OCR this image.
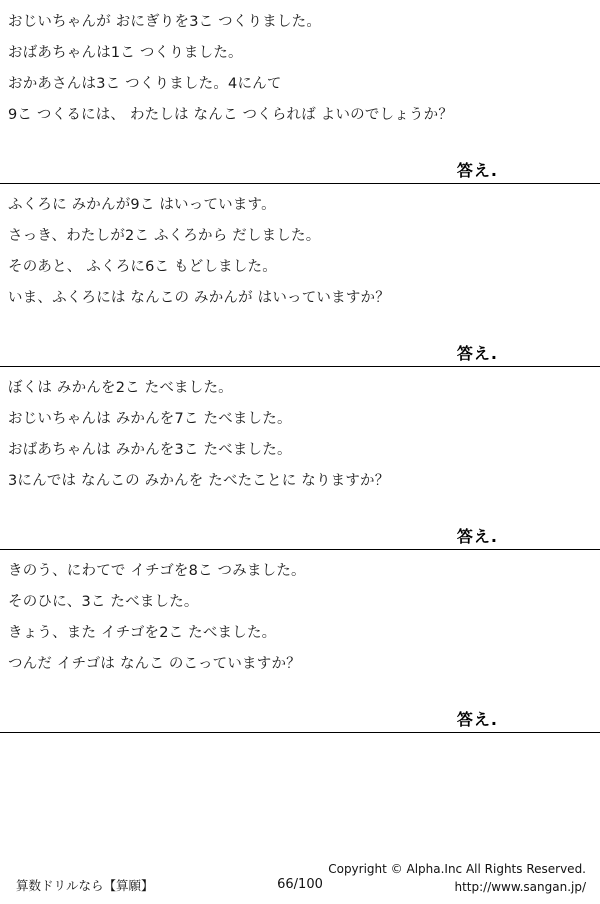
おじいちゃんが おにぎりを3こ つくりました。
おばあちゃんは1こ つくりました。
おかあさんは3こ つくりました。4にんて
9こ つくるには、 わたしは なんこ つくられば よいのでしょうか？
答え.
ふくろに みかんが9こ はいっています。
さっき、わたしが2こ ふくろから だしました。
そのあと、 ふくろに6こ もどしました。
いま、ふくろには なんこの みかんが はいっていますか？
答え.
ぼくは みかんを2こ たべました。
おじいちゃんは みかんを7こ たべました。
おばあちゃんは みかんを3こ たべました。
3にんでは なんこの みかんを たべたことに なりますか？
答え.
きのう、にわてで イチゴを8こ つみました。
そのひに、3こ たべました。
きょう、また イチゴを2こ たべました。
つんだ イチゴは なんこ のこっていますか？
答え.
算数ドリルなら【算願】	66/100
Copyright © Alpha.Inc All Rights Reserved.
http://www.sangan.jp/
